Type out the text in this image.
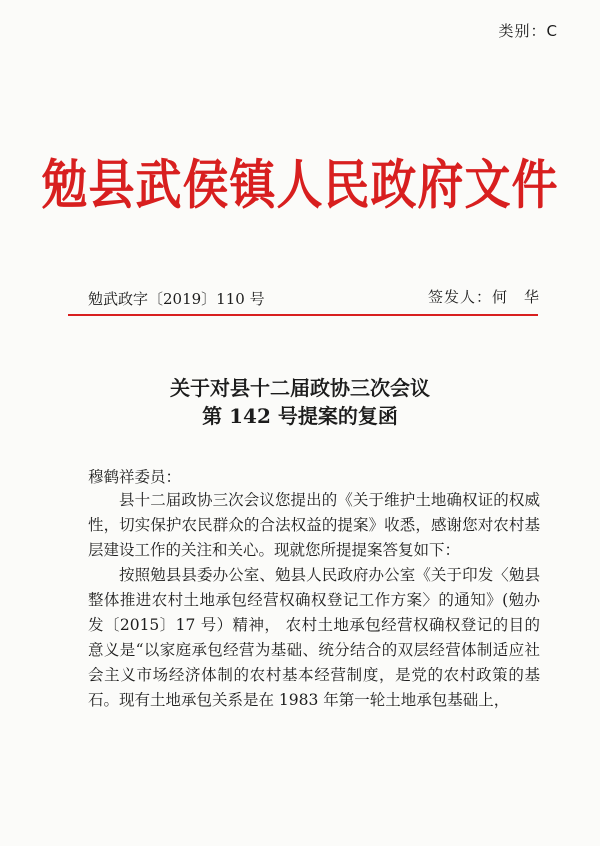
类别：C
勉县武侯镇人民政府文件
勉武政字〔2019〕110 号	签发人：何　华
关于对县十二届政协三次会议
第 142 号提案的复函
穆鹤祥委员：

县十二届政协三次会议您提出的《关于维护土地确权证的权威性，切实保护农民群众的合法权益的提案》收悉，感谢您对农村基层建设工作的关注和关心。现就您所提提案答复如下：

按照勉县县委办公室、勉县人民政府办公室《关于印发〈勉县整体推进农村土地承包经营权确权登记工作方案〉的通知》(勉办发〔2015〕17 号）精神， 农村土地承包经营权确权登记的目的意义是“以家庭承包经营为基础、统分结合的双层经营体制适应社会主义市场经济体制的农村基本经营制度，是党的农村政策的基石。现有土地承包关系是在 1983 年第一轮土地承包基础上，
